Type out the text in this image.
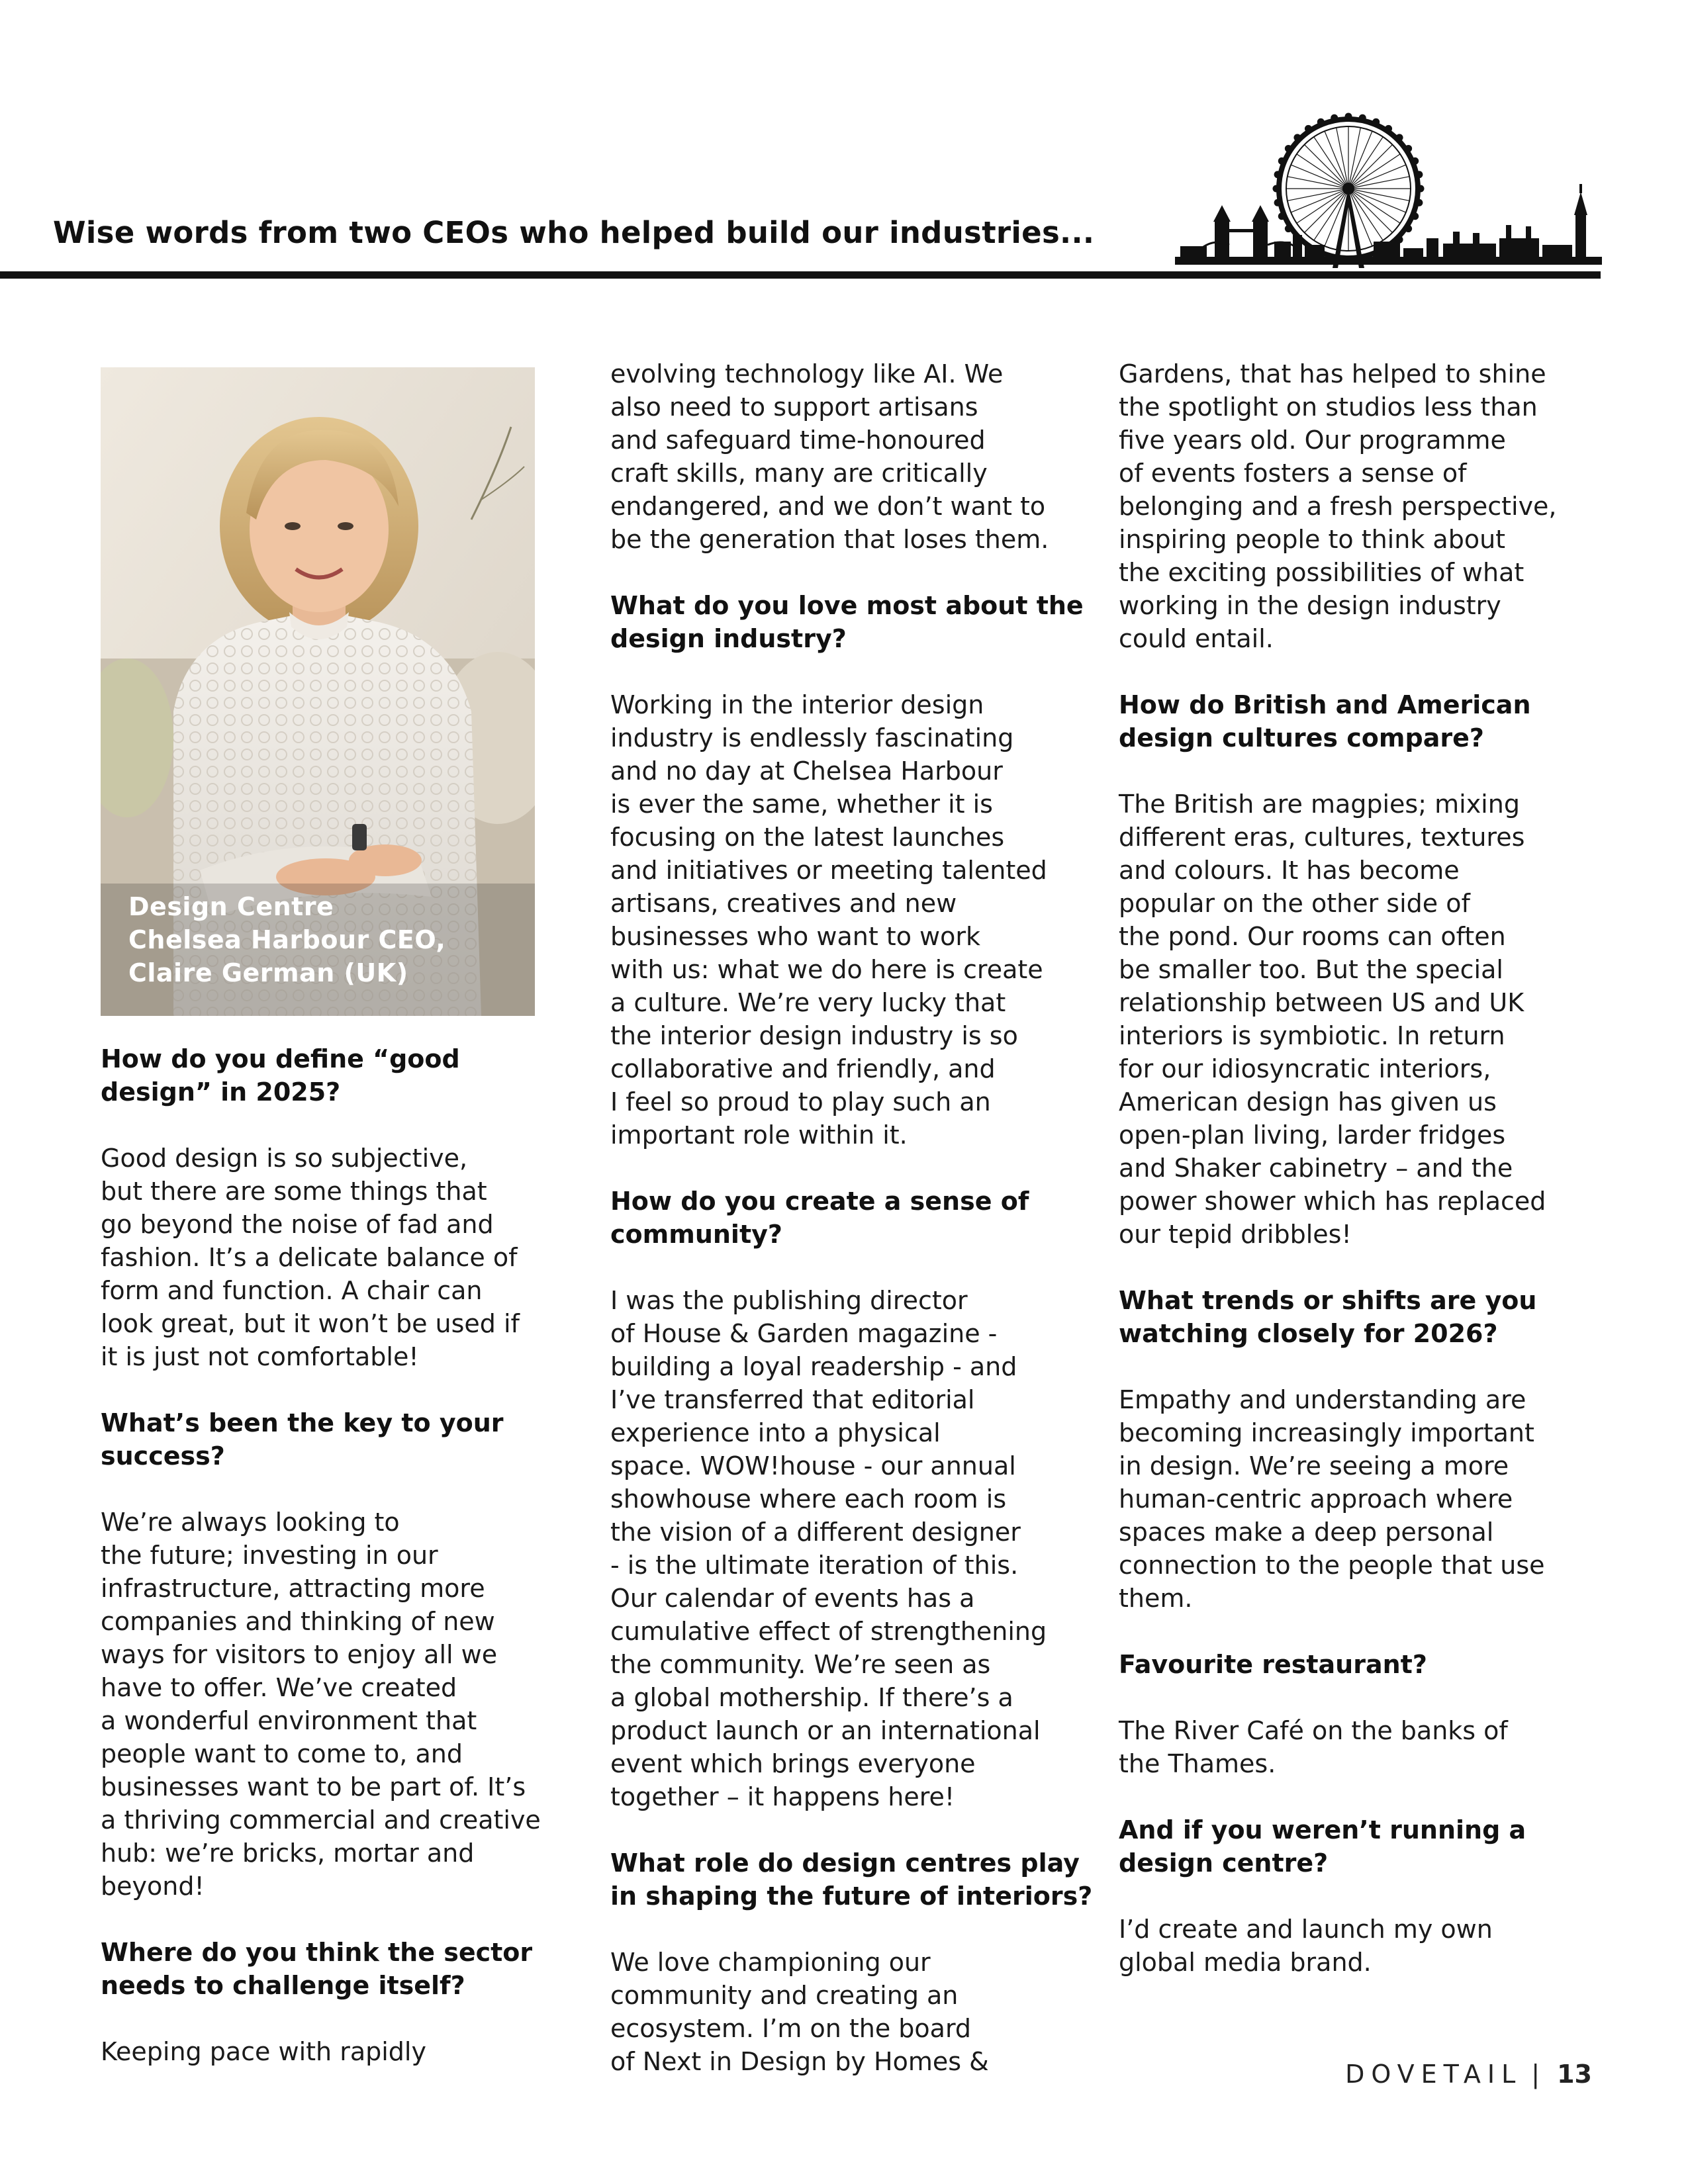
Wise words from two CEOs who helped build our industries...
Design Centre
Chelsea Harbour CEO,
Claire German (UK)

How do you define “good
design” in 2025?

Good design is so subjective,
but there are some things that
go beyond the noise of fad and
fashion. It’s a delicate balance of
form and function. A chair can
look great, but it won’t be used if
it is just not comfortable!

What’s been the key to your
success?

We’re always looking to
the future; investing in our
infrastructure, attracting more
companies and thinking of new
ways for visitors to enjoy all we
have to offer. We’ve created
a wonderful environment that
people want to come to, and
businesses want to be part of. It’s
a thriving commercial and creative
hub: we’re bricks, mortar and
beyond!

Where do you think the sector
needs to challenge itself?

Keeping pace with rapidly

evolving technology like AI. We
also need to support artisans
and safeguard time-honoured
craft skills, many are critically
endangered, and we don’t want to
be the generation that loses them.

What do you love most about the
design industry?

Working in the interior design
industry is endlessly fascinating
and no day at Chelsea Harbour
is ever the same, whether it is
focusing on the latest launches
and initiatives or meeting talented
artisans, creatives and new
businesses who want to work
with us: what we do here is create
a culture. We’re very lucky that
the interior design industry is so
collaborative and friendly, and
I feel so proud to play such an
important role within it.

How do you create a sense of
community?

I was the publishing director
of House & Garden magazine -
building a loyal readership - and
I’ve transferred that editorial
experience into a physical
space. WOW!house - our annual
showhouse where each room is
the vision of a different designer
- is the ultimate iteration of this.
Our calendar of events has a
cumulative effect of strengthening
the community. We’re seen as
a global mothership. If there’s a
product launch or an international
event which brings everyone
together – it happens here!

What role do design centres play
in shaping the future of interiors?

We love championing our
community and creating an
ecosystem. I’m on the board
of Next in Design by Homes &

Gardens, that has helped to shine
the spotlight on studios less than
five years old. Our programme
of events fosters a sense of
belonging and a fresh perspective,
inspiring people to think about
the exciting possibilities of what
working in the design industry
could entail.

How do British and American
design cultures compare?

The British are magpies; mixing
different eras, cultures, textures
and colours. It has become
popular on the other side of
the pond. Our rooms can often
be smaller too. But the special
relationship between US and UK
interiors is symbiotic. In return
for our idiosyncratic interiors,
American design has given us
open-plan living, larder fridges
and Shaker cabinetry – and the
power shower which has replaced
our tepid dribbles!

What trends or shifts are you
watching closely for 2026?

Empathy and understanding are
becoming increasingly important
in design. We’re seeing a more
human-centric approach where
spaces make a deep personal
connection to the people that use
them.

Favourite restaurant?

The River Café on the banks of
the Thames.

And if you weren’t running a
design centre?

I’d create and launch my own
global media brand.

DOVETAIL | 13
